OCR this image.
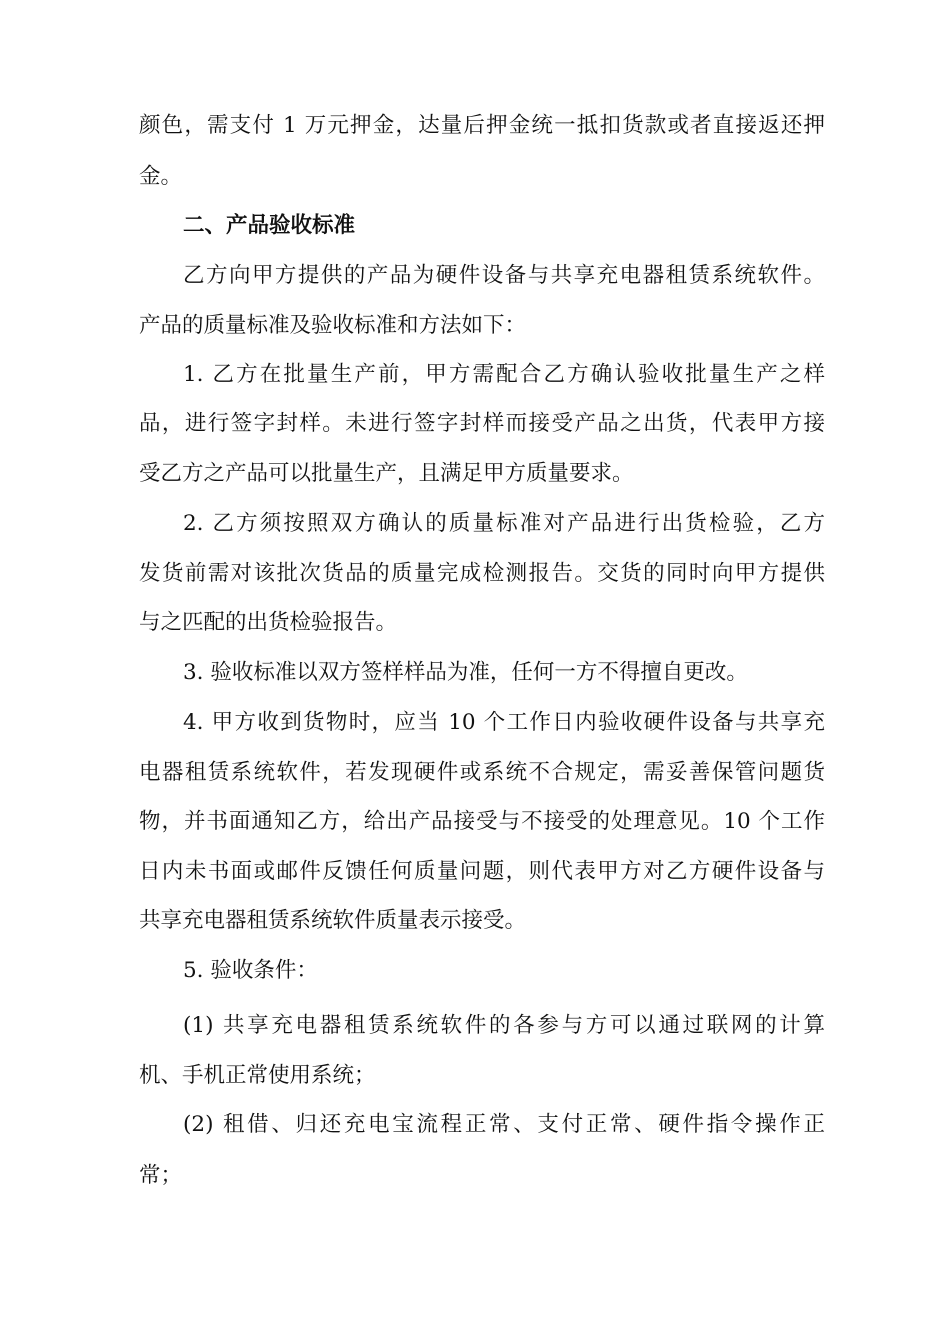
颜色，需支付 1 万元押金，达量后押金统一抵扣货款或者直接返还押
金。
二、产品验收标准
乙方向甲方提供的产品为硬件设备与共享充电器租赁系统软件。
产品的质量标准及验收标准和方法如下：
1. 乙方在批量生产前，甲方需配合乙方确认验收批量生产之样
品，进行签字封样。未进行签字封样而接受产品之出货，代表甲方接
受乙方之产品可以批量生产，且满足甲方质量要求。
2. 乙方须按照双方确认的质量标准对产品进行出货检验，乙方
发货前需对该批次货品的质量完成检测报告。交货的同时向甲方提供
与之匹配的出货检验报告。
3. 验收标准以双方签样样品为准，任何一方不得擅自更改。
4. 甲方收到货物时，应当 10 个工作日内验收硬件设备与共享充
电器租赁系统软件，若发现硬件或系统不合规定，需妥善保管问题货
物，并书面通知乙方，给出产品接受与不接受的处理意见。10 个工作
日内未书面或邮件反馈任何质量问题，则代表甲方对乙方硬件设备与
共享充电器租赁系统软件质量表示接受。
5. 验收条件：
(1) 共享充电器租赁系统软件的各参与方可以通过联网的计算
机、手机正常使用系统；
(2) 租借、归还充电宝流程正常、支付正常、硬件指令操作正
常；
